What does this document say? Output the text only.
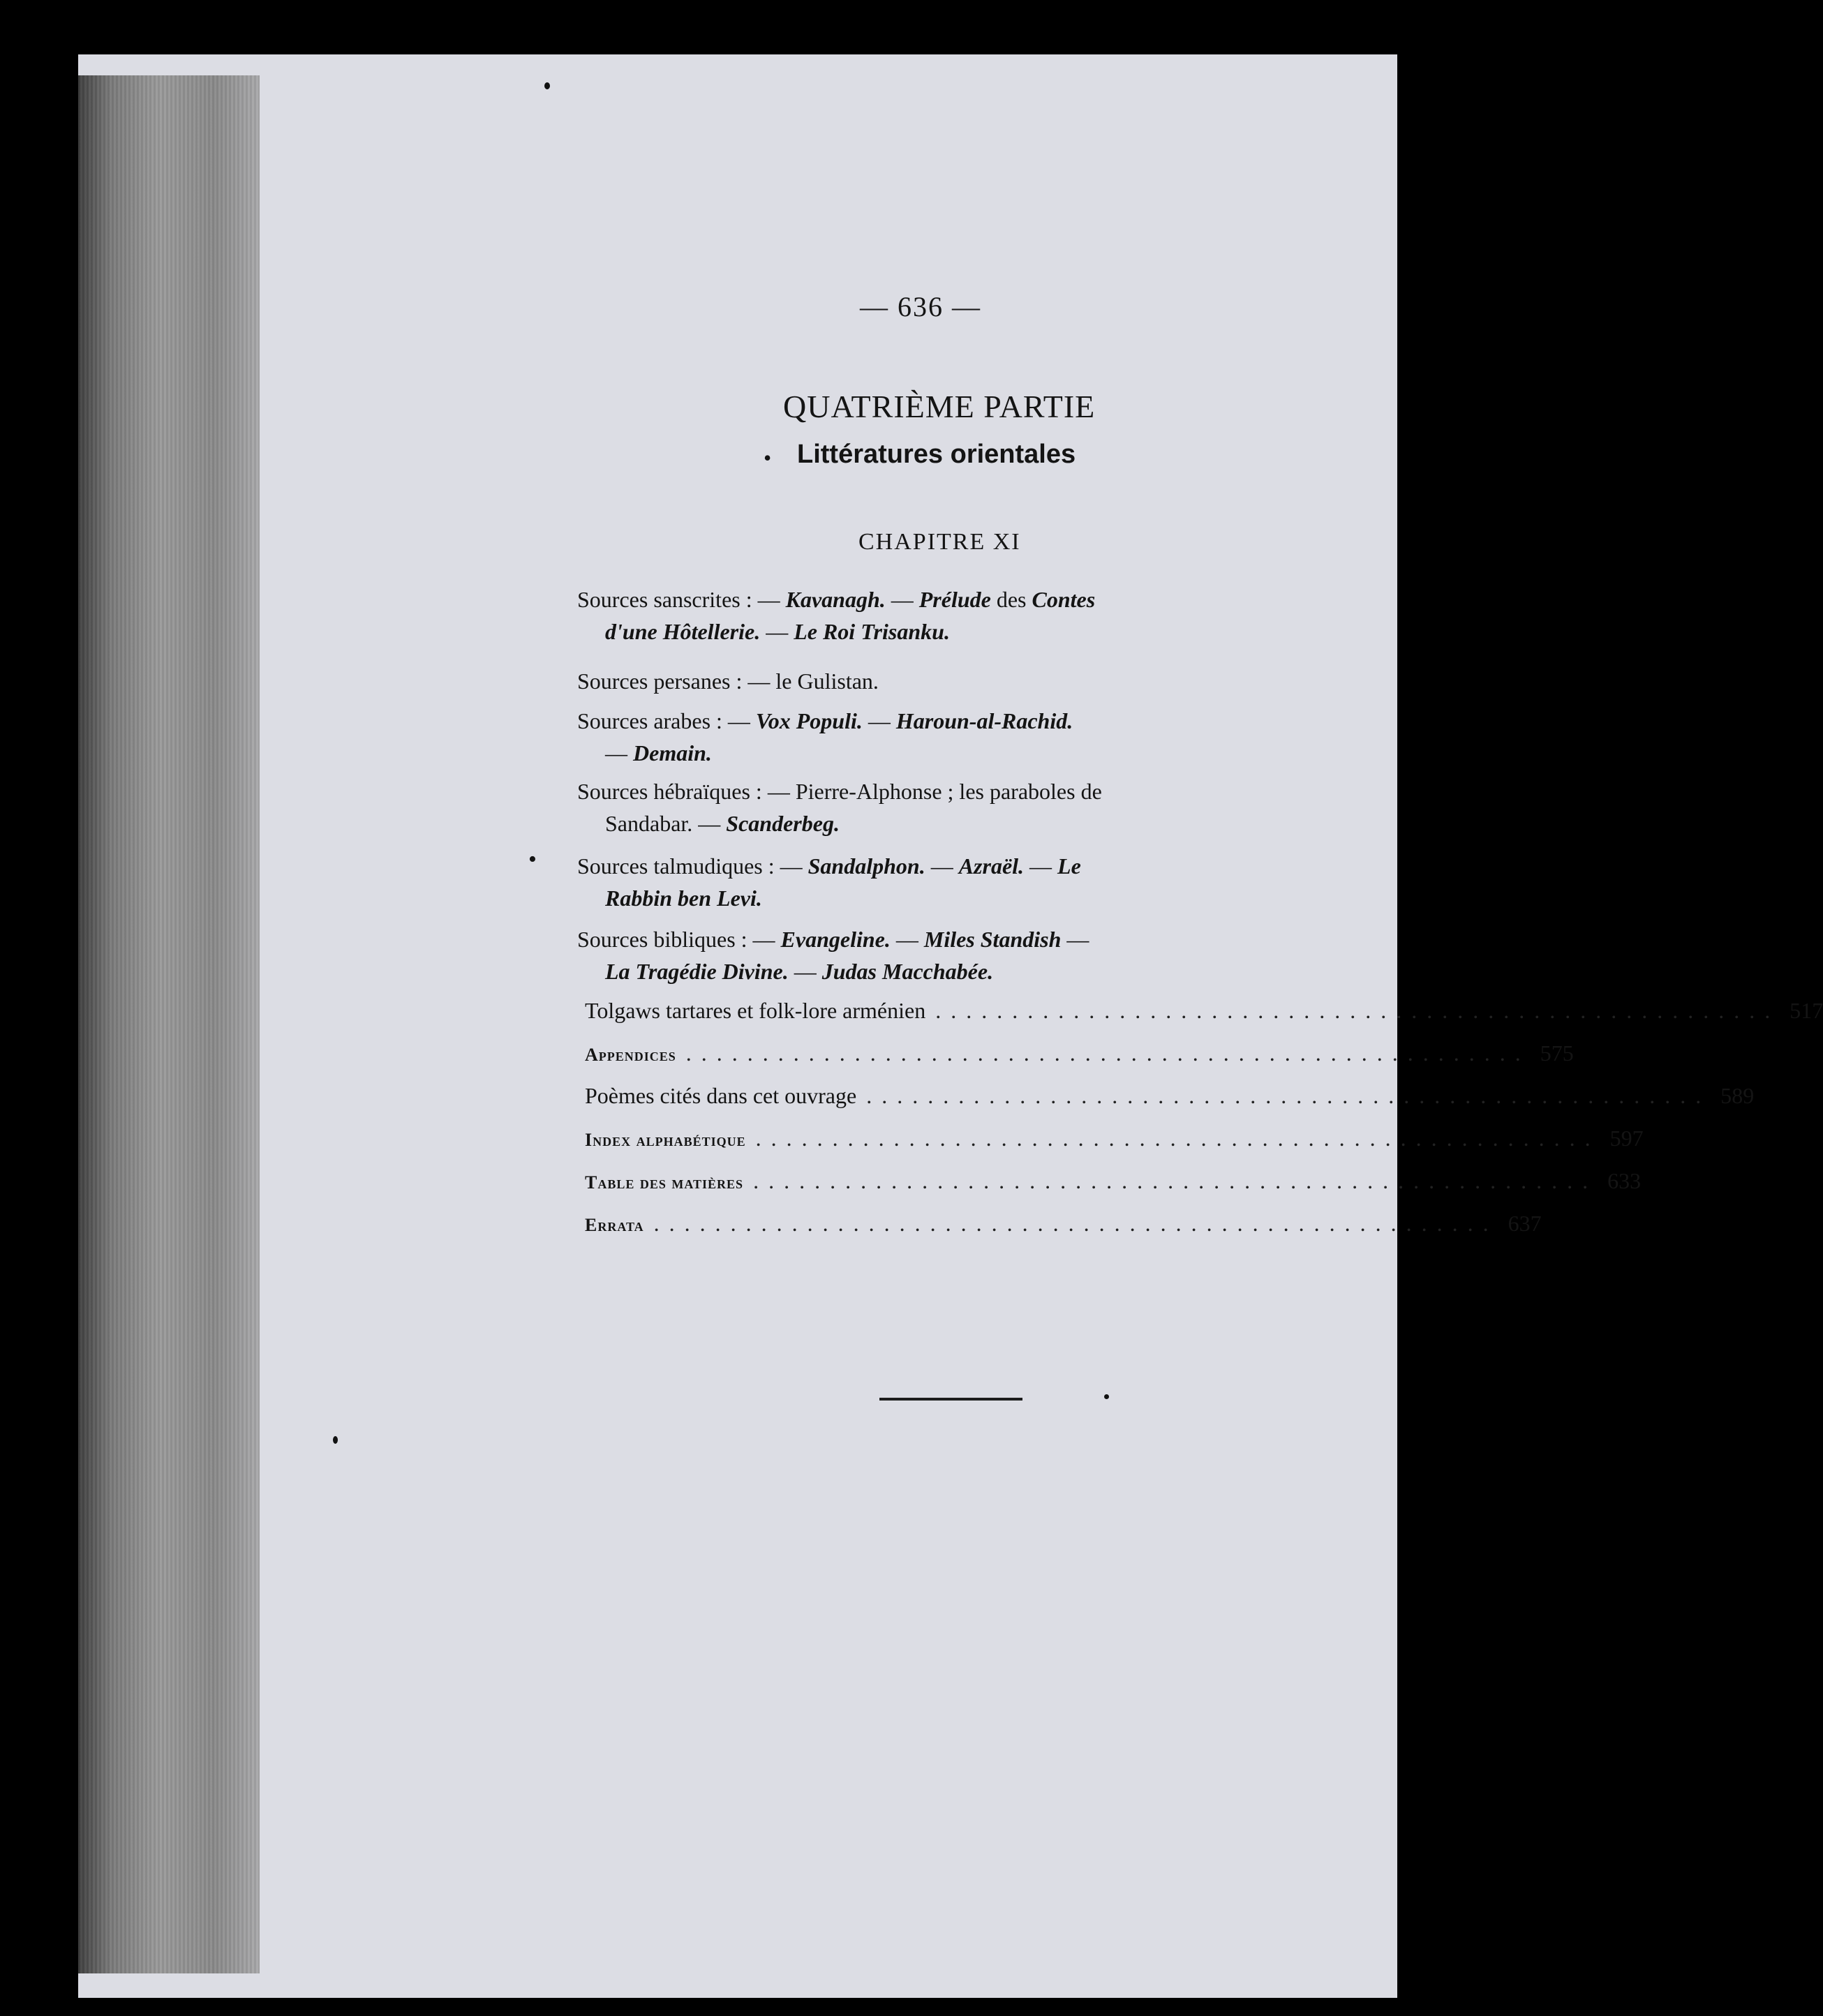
— 636 —
QUATRIÈME PARTIE
• Littératures orientales
CHAPITRE XI
Sources sanscrites : — Kavanagh. — Prélude des Contes
d'une Hôtellerie. — Le Roi Trisanku.
Sources persanes : — le Gulistan.
Sources arabes : — Vox Populi. — Haroun-al-Rachid.
— Demain.
Sources hébraïques : — Pierre-Alphonse ; les paraboles de
Sandabar. — Scanderbeg.
• Sources talmudiques : — Sandalphon. — Azraël. — Le
Rabbin ben Levi.
Sources bibliques : — Evangeline. — Miles Standish —
La Tragédie Divine. — Judas Macchabée.
Tolgaws tartares et folk-lore arménien ....................................................... 517
Appendices ....................................................... 575
Poèmes cités dans cet ouvrage ....................................................... 589
Index alphabétique ....................................................... 597
Table des matières ....................................................... 633
Errata ....................................................... 637
